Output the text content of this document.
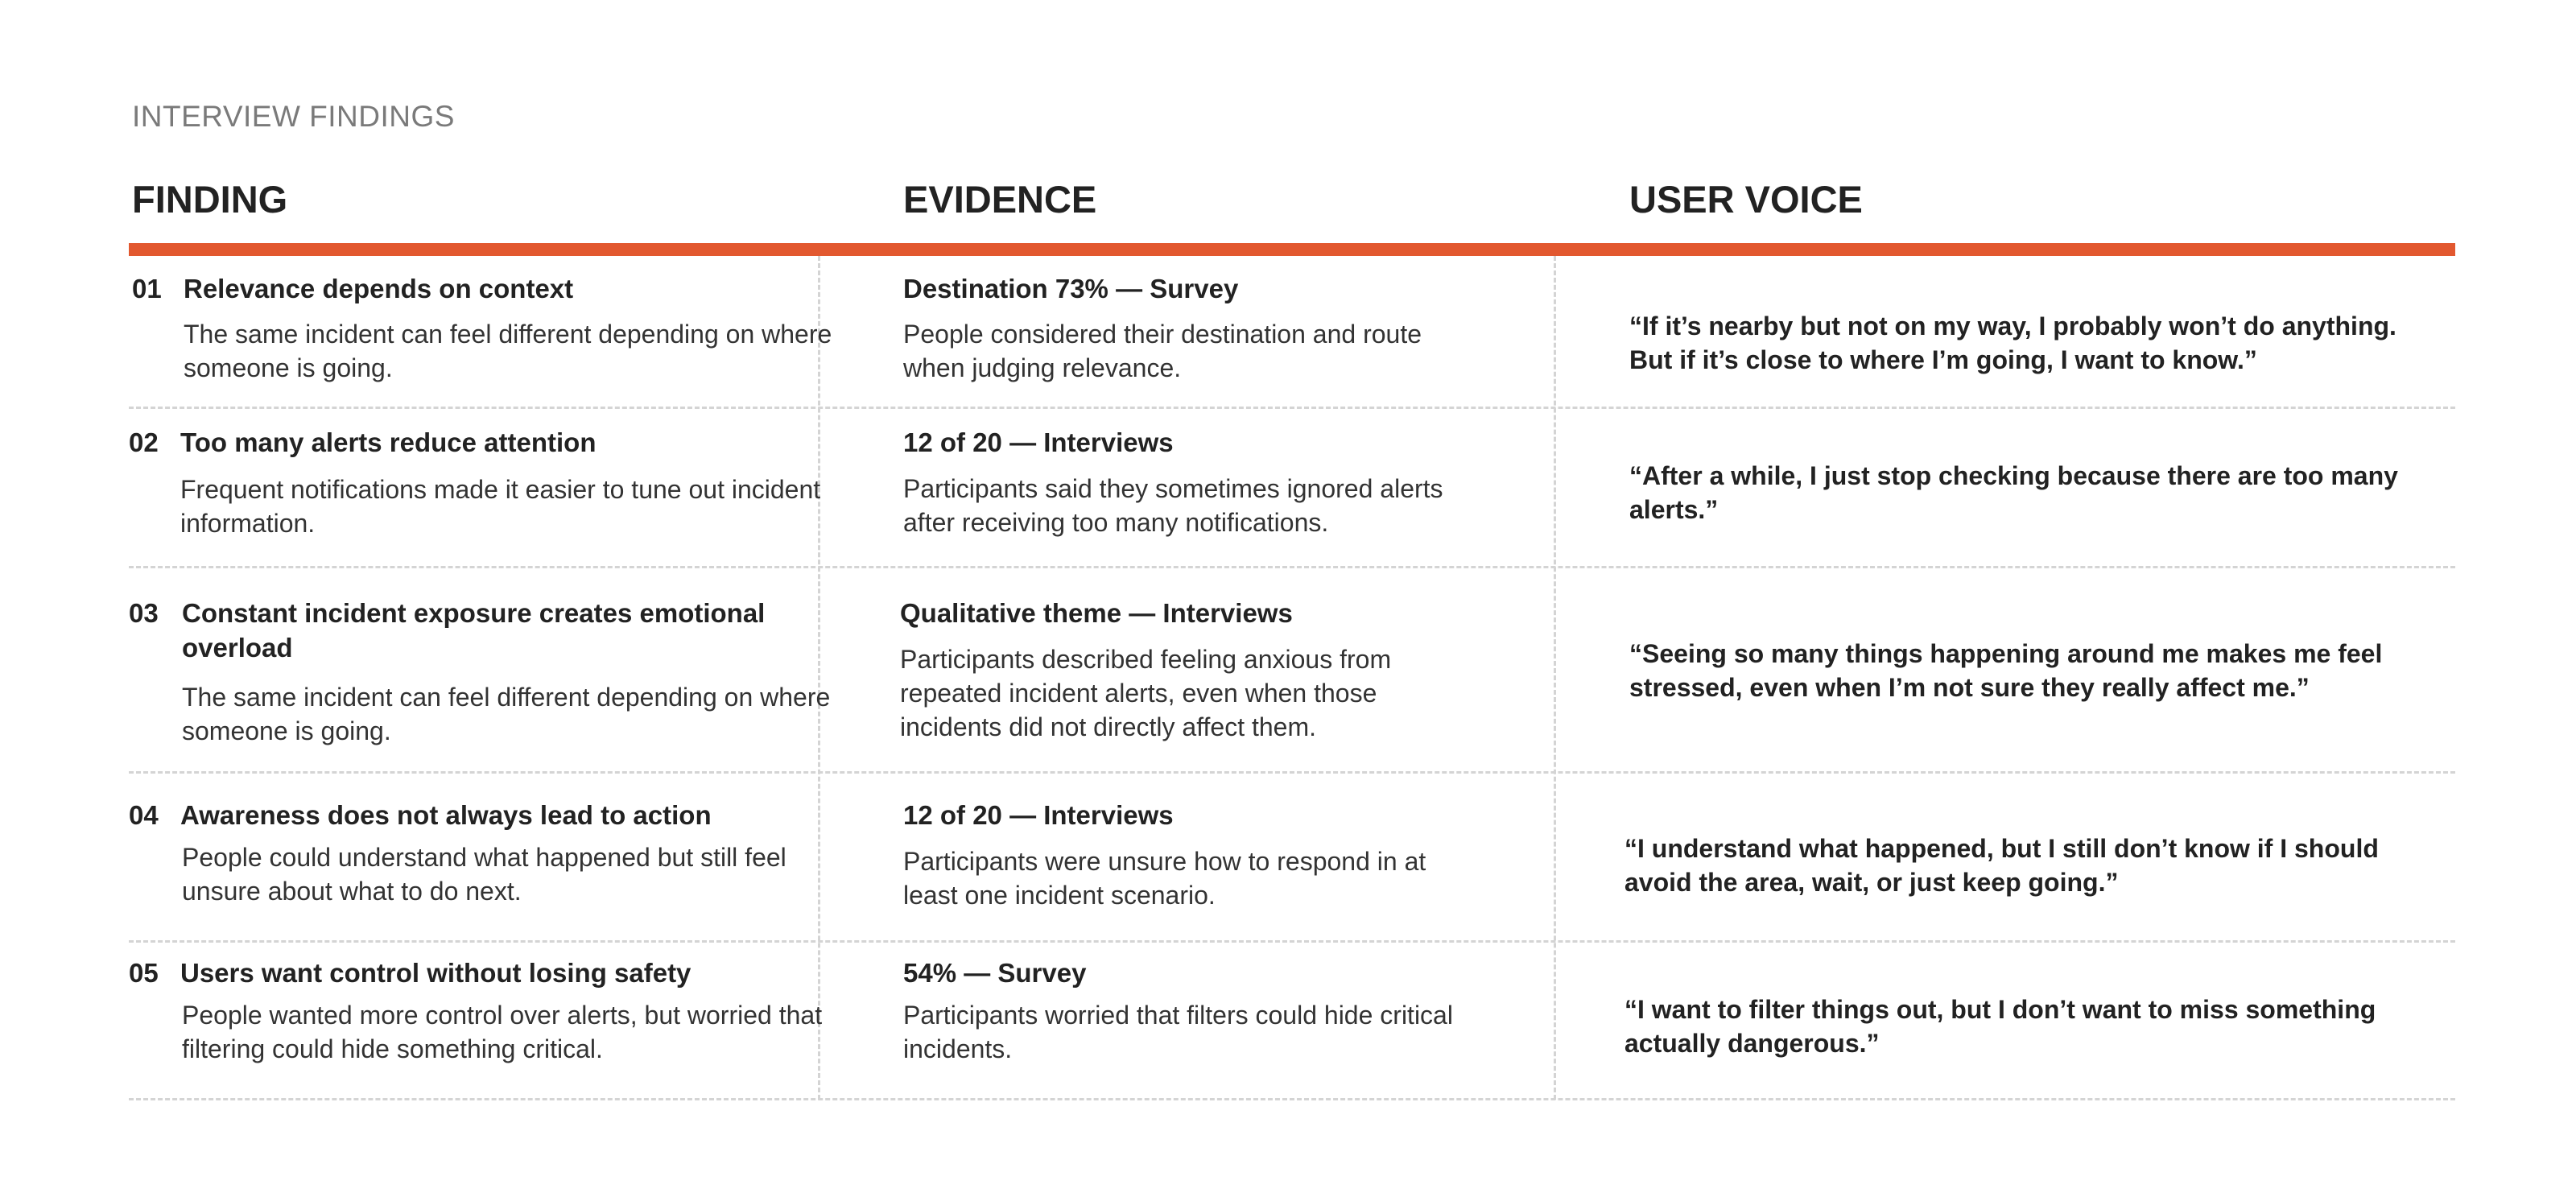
INTERVIEW FINDINGS
FINDING	EVIDENCE	USER VOICE
01 Relevance depends on context
The same incident can feel different depending on where someone is going.
Destination 73% — Survey
People considered their destination and route when judging relevance.
“If it’s nearby but not on my way, I probably won’t do anything. But if it’s close to where I’m going, I want to know.”
02 Too many alerts reduce attention
Frequent notifications made it easier to tune out incident information.
12 of 20 — Interviews
Participants said they sometimes ignored alerts after receiving too many notifications.
“After a while, I just stop checking because there are too many alerts.”
03 Constant incident exposure creates emotional overload
The same incident can feel different depending on where someone is going.
Qualitative theme — Interviews
Participants described feeling anxious from repeated incident alerts, even when those incidents did not directly affect them.
“Seeing so many things happening around me makes me feel stressed, even when I’m not sure they really affect me.”
04 Awareness does not always lead to action
People could understand what happened but still feel unsure about what to do next.
12 of 20 — Interviews
Participants were unsure how to respond in at least one incident scenario.
“I understand what happened, but I still don’t know if I should avoid the area, wait, or just keep going.”
05 Users want control without losing safety
People wanted more control over alerts, but worried that filtering could hide something critical.
54% — Survey
Participants worried that filters could hide critical incidents.
“I want to filter things out, but I don’t want to miss something actually dangerous.”
